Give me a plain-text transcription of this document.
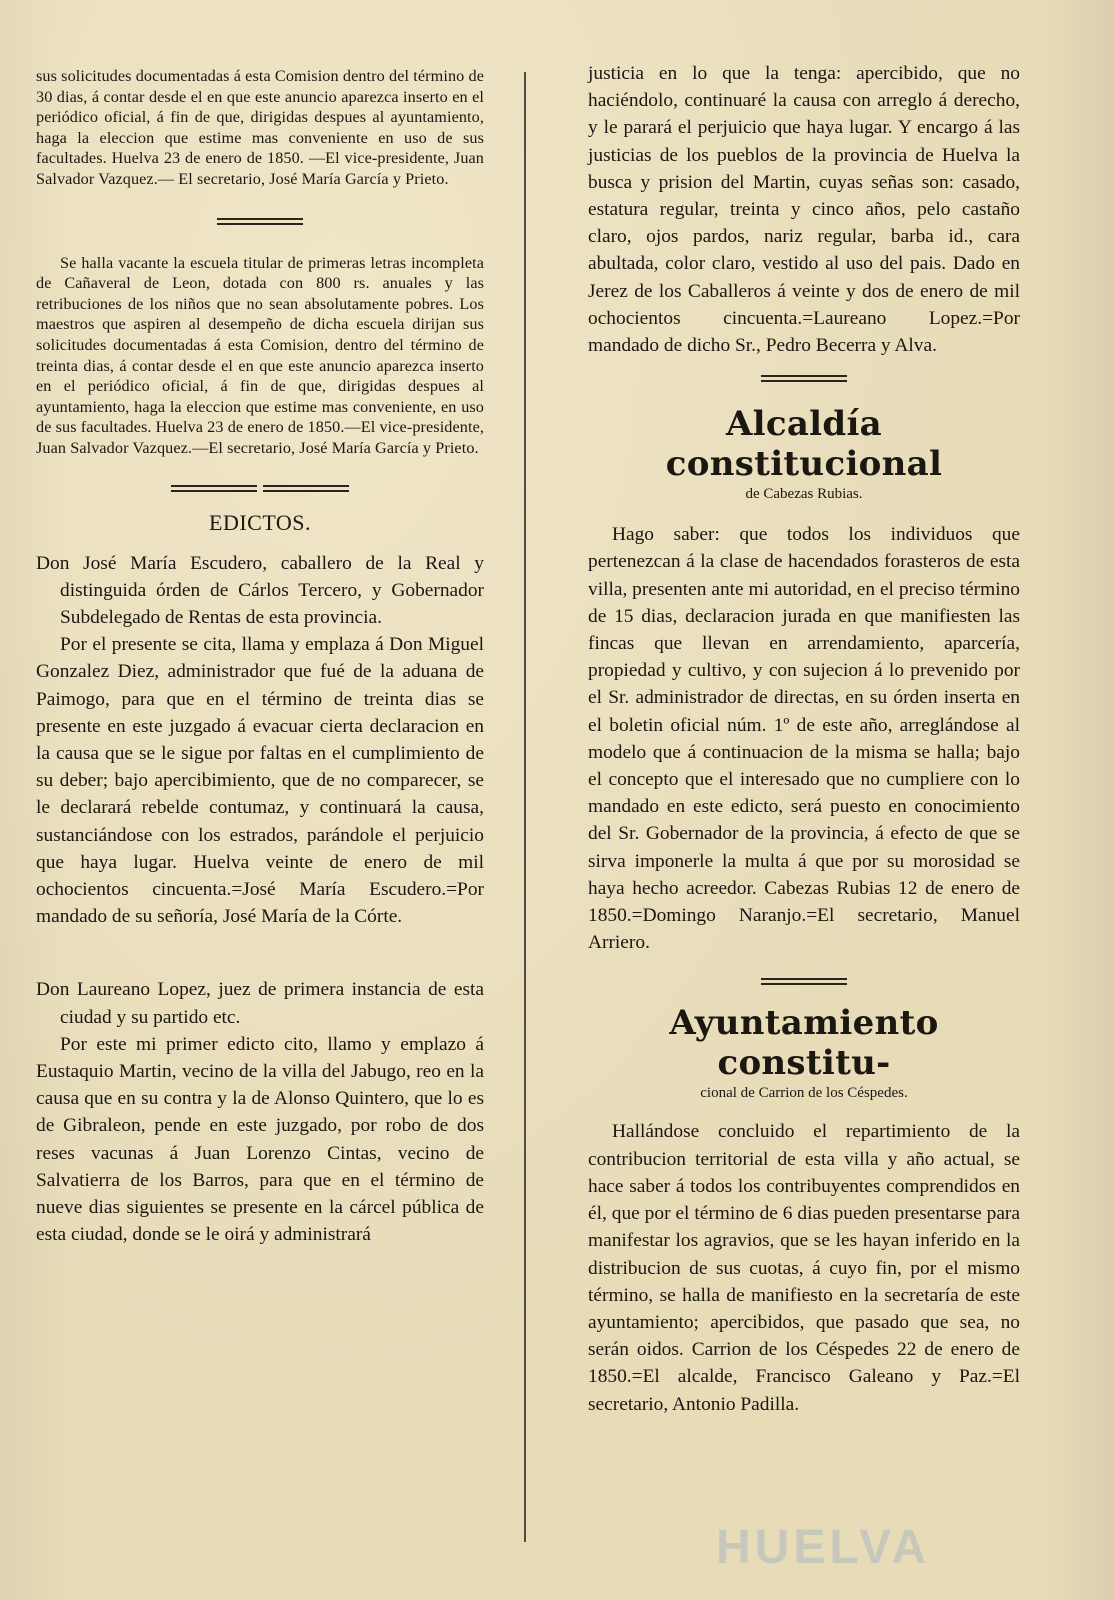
sus solicitudes documentadas á esta Comision dentro del término de 30 dias, á contar desde el en que este anuncio aparezca inserto en el periódico oficial, á fin de que, dirigidas despues al ayuntamiento, haga la eleccion que estime mas conveniente en uso de sus facultades. Huelva 23 de enero de 1850. —El vice-presidente, Juan Salvador Vazquez.— El secretario, José María García y Prieto.

Se halla vacante la escuela titular de primeras letras incompleta de Cañaveral de Leon, dotada con 800 rs. anuales y las retribuciones de los niños que no sean absolutamente pobres. Los maestros que aspiren al desempeño de dicha escuela dirijan sus solicitudes documentadas á esta Comision, dentro del término de treinta dias, á contar desde el en que este anuncio aparezca inserto en el periódico oficial, á fin de que, dirigidas despues al ayuntamiento, haga la eleccion que estime mas conveniente, en uso de sus facultades. Huelva 23 de enero de 1850.—El vice-presidente, Juan Salvador Vazquez.—El secretario, José María García y Prieto.

EDICTOS.

Don José María Escudero, caballero de la Real y distinguida órden de Cárlos Tercero, y Gobernador Subdelegado de Rentas de esta provincia.

Por el presente se cita, llama y emplaza á Don Miguel Gonzalez Diez, administrador que fué de la aduana de Paimogo, para que en el término de treinta dias se presente en este juzgado á evacuar cierta declaracion en la causa que se le sigue por faltas en el cumplimiento de su deber; bajo apercibimiento, que de no comparecer, se le declarará rebelde contumaz, y continuará la causa, sustanciándose con los estrados, parándole el perjuicio que haya lugar. Huelva veinte de enero de mil ochocientos cincuenta.=José María Escudero.=Por mandado de su señoría, José María de la Córte.

Don Laureano Lopez, juez de primera instancia de esta ciudad y su partido etc.

Por este mi primer edicto cito, llamo y emplazo á Eustaquio Martin, vecino de la villa del Jabugo, reo en la causa que en su contra y la de Alonso Quintero, que lo es de Gibraleon, pende en este juzgado, por robo de dos reses vacunas á Juan Lorenzo Cintas, vecino de Salvatierra de los Barros, para que en el término de nueve dias siguientes se presente en la cárcel pública de esta ciudad, donde se le oirá y administrará

justicia en lo que la tenga: apercibido, que no haciéndolo, continuaré la causa con arreglo á derecho, y le parará el perjuicio que haya lugar. Y encargo á las justicias de los pueblos de la provincia de Huelva la busca y prision del Martin, cuyas señas son: casado, estatura regular, treinta y cinco años, pelo castaño claro, ojos pardos, nariz regular, barba id., cara abultada, color claro, vestido al uso del pais. Dado en Jerez de los Caballeros á veinte y dos de enero de mil ochocientos cincuenta.=Laureano Lopez.=Por mandado de dicho Sr., Pedro Becerra y Alva.

Alcaldía constitucional

de Cabezas Rubias.

Hago saber: que todos los individuos que pertenezcan á la clase de hacendados forasteros de esta villa, presenten ante mi autoridad, en el preciso término de 15 dias, declaracion jurada en que manifiesten las fincas que llevan en arrendamiento, aparcería, propiedad y cultivo, y con sujecion á lo prevenido por el Sr. administrador de directas, en su órden inserta en el boletin oficial núm. 1º de este año, arreglándose al modelo que á continuacion de la misma se halla; bajo el concepto que el interesado que no cumpliere con lo mandado en este edicto, será puesto en conocimiento del Sr. Gobernador de la provincia, á efecto de que se sirva imponerle la multa á que por su morosidad se haya hecho acreedor. Cabezas Rubias 12 de enero de 1850.=Domingo Naranjo.=El secretario, Manuel Arriero.

Ayuntamiento constitu-

cional de Carrion de los Céspedes.

Hallándose concluido el repartimiento de la contribucion territorial de esta villa y año actual, se hace saber á todos los contribuyentes comprendidos en él, que por el término de 6 dias pueden presentarse para manifestar los agravios, que se les hayan inferido en la distribucion de sus cuotas, á cuyo fin, por el mismo término, se halla de manifiesto en la secretaría de este ayuntamiento; apercibidos, que pasado que sea, no serán oidos. Carrion de los Céspedes 22 de enero de 1850.=El alcalde, Francisco Galeano y Paz.=El secretario, Antonio Padilla.

HUELVA
